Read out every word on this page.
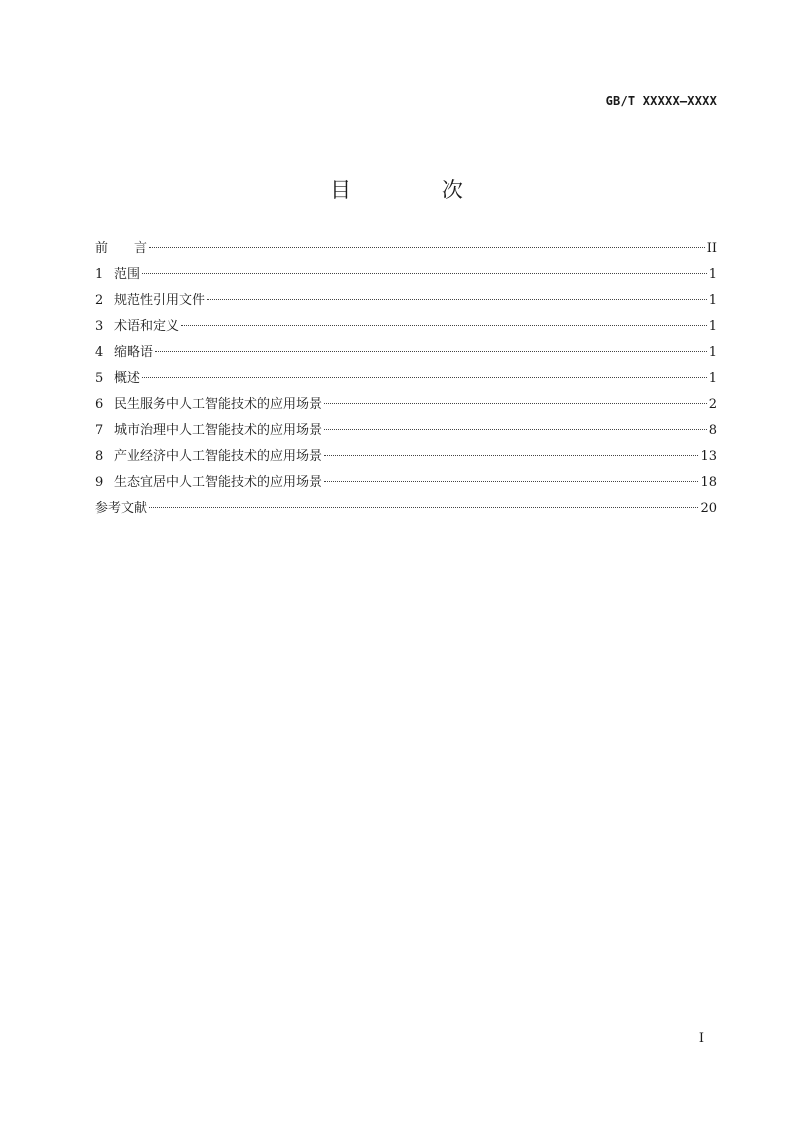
GB/T XXXXX—XXXX
目 次
前　　言	II
1 范围	1
2 规范性引用文件	1
3 术语和定义	1
4 缩略语	1
5 概述	1
6 民生服务中人工智能技术的应用场景	2
7 城市治理中人工智能技术的应用场景	8
8 产业经济中人工智能技术的应用场景	13
9 生态宜居中人工智能技术的应用场景	18
参考文献	20
I
